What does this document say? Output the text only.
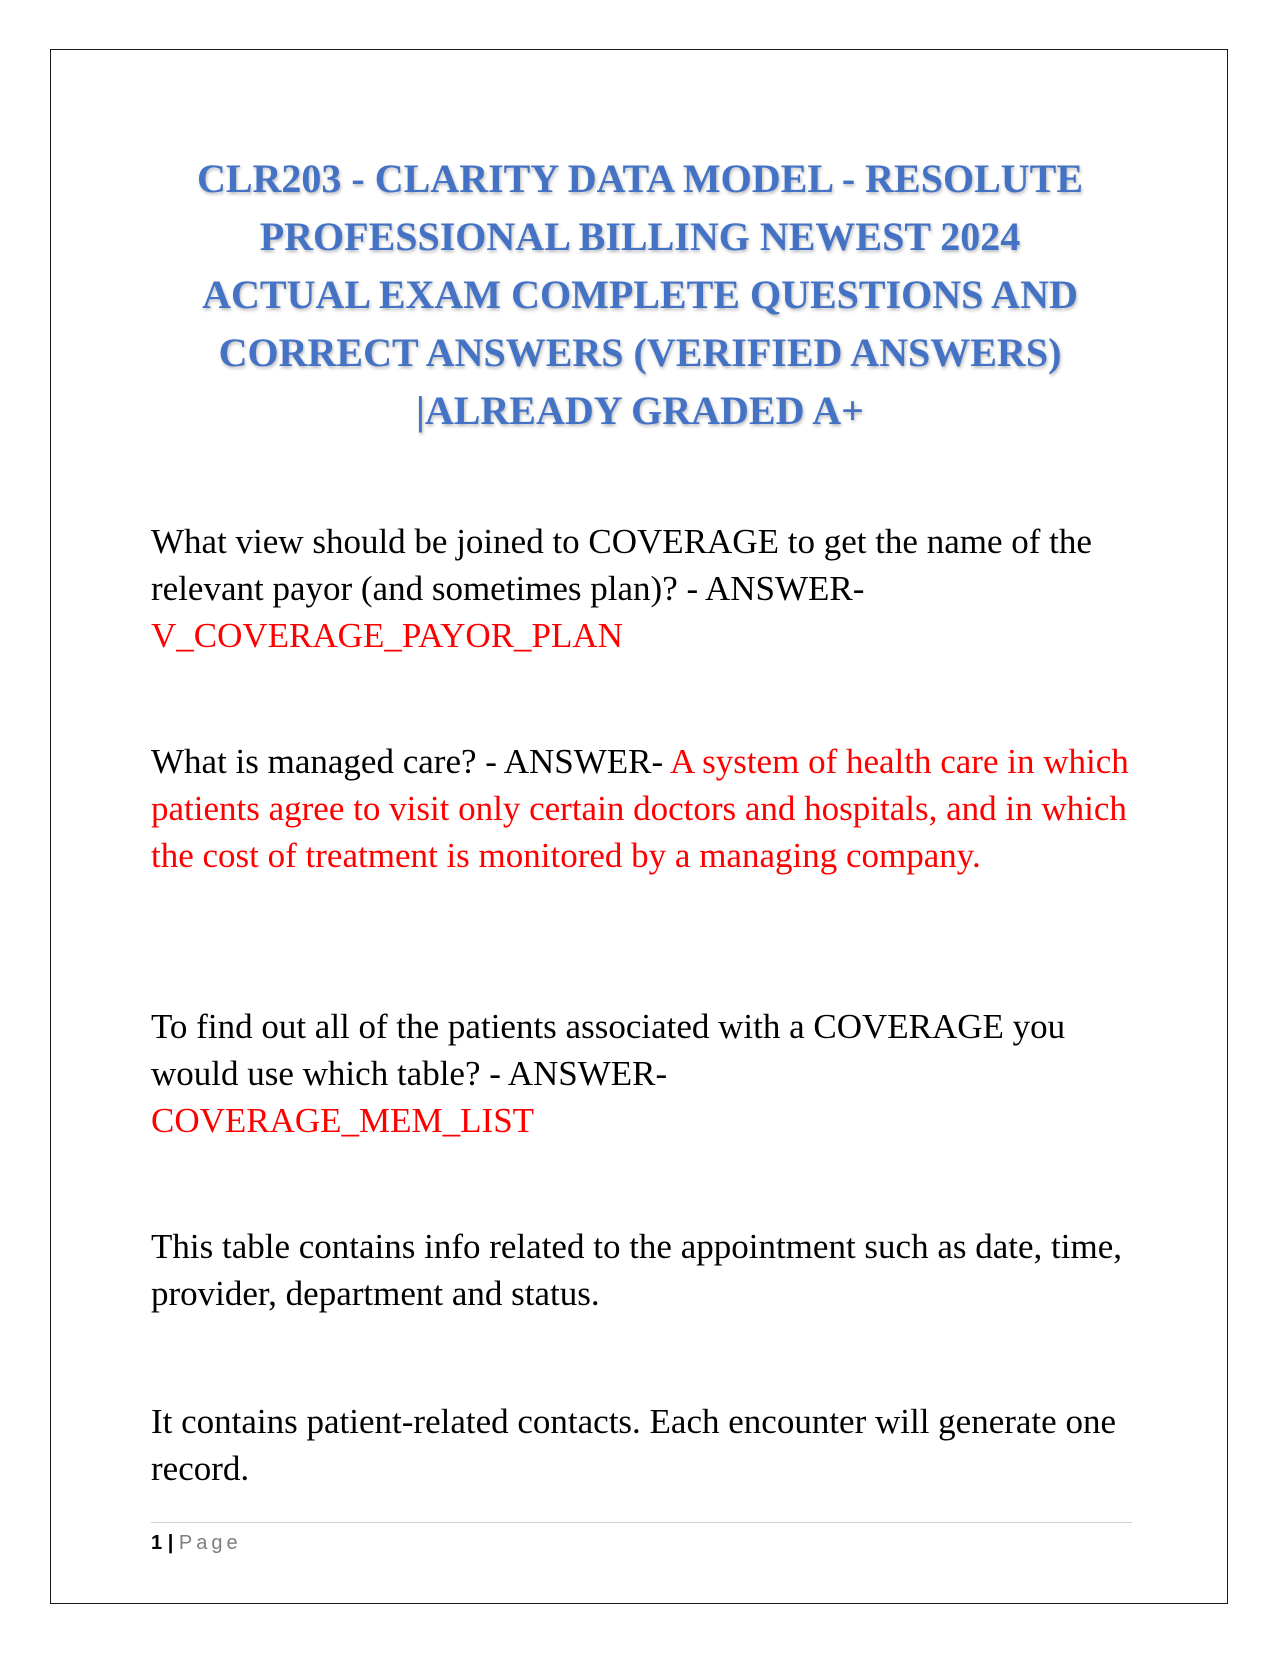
CLR203 - CLARITY DATA MODEL - RESOLUTE
PROFESSIONAL BILLING NEWEST 2024
ACTUAL EXAM COMPLETE QUESTIONS AND
CORRECT ANSWERS (VERIFIED ANSWERS)
|ALREADY GRADED A+

What view should be joined to COVERAGE to get the name of the relevant payor (and sometimes plan)? - ANSWER-
V_COVERAGE_PAYOR_PLAN

What is managed care? - ANSWER- A system of health care in which patients agree to visit only certain doctors and hospitals, and in which the cost of treatment is monitored by a managing company.

To find out all of the patients associated with a COVERAGE you would use which table? - ANSWER-
COVERAGE_MEM_LIST

This table contains info related to the appointment such as date, time, provider, department and status.

It contains patient-related contacts. Each encounter will generate one record.

1 | Page
